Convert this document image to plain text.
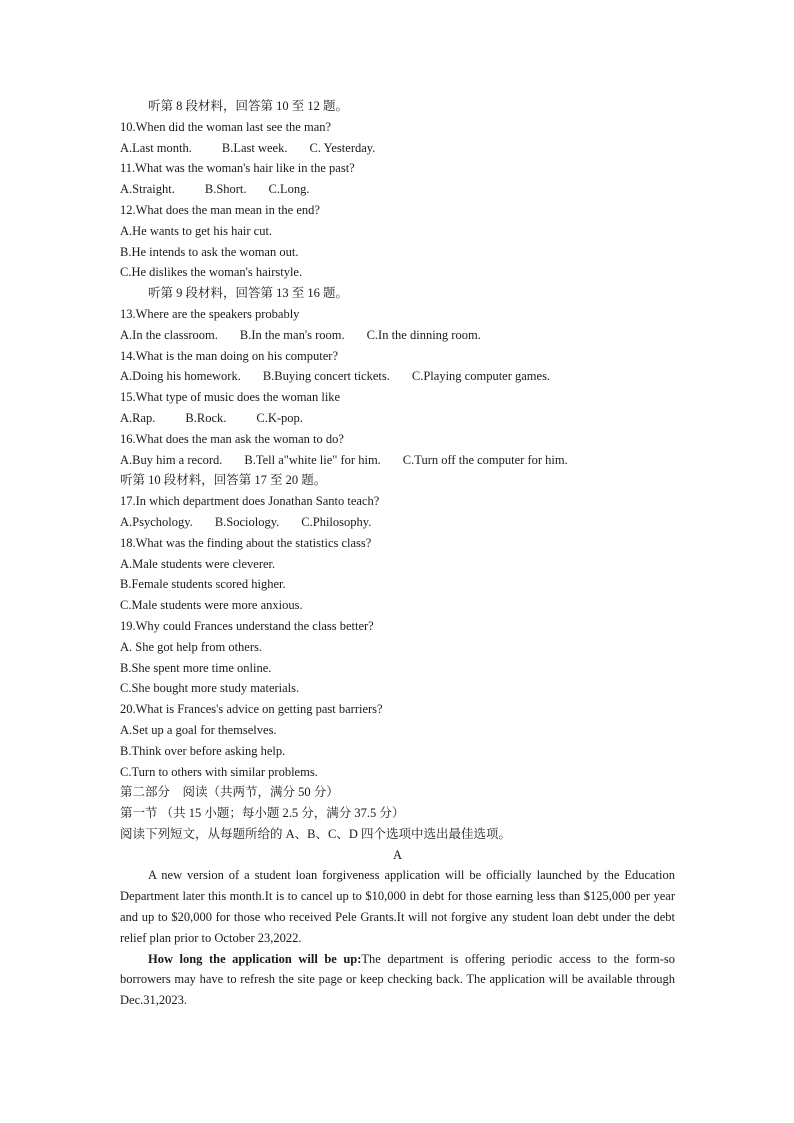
听第 8 段材料，回答第 10 至 12 题。
10.When did the woman last see the man?
A.Last month. B.Last week. C. Yesterday.
11.What was the woman's hair like in the past?
A.Straight. B.Short. C.Long.
12.What does the man mean in the end?
A.He wants to get his hair cut.
B.He intends to ask the woman out.
C.He dislikes the woman's hairstyle.
听第 9 段材料，回答第 13 至 16 题。
13.Where are the speakers probably
A.In the classroom. B.In the man's room. C.In the dinning room.
14.What is the man doing on his computer?
A.Doing his homework. B.Buying concert tickets. C.Playing computer games.
15.What type of music does the woman like
A.Rap. B.Rock. C.K-pop.
16.What does the man ask the woman to do?
A.Buy him a record. B.Tell a"white lie" for him. C.Turn off the computer for him.
听第 10 段材料，回答第 17 至 20 题。
17.In which department does Jonathan Santo teach?
A.Psychology. B.Sociology. C.Philosophy.
18.What was the finding about the statistics class?
A.Male students were cleverer.
B.Female students scored higher.
C.Male students were more anxious.
19.Why could Frances understand the class better?
A. She got help from others.
B.She spent more time online.
C.She bought more study materials.
20.What is Frances's advice on getting past barriers?
A.Set up a goal for themselves.
B.Think over before asking help.
C.Turn to others with similar problems.
第二部分　阅读（共两节，满分 50 分）
第一节 （共 15 小题；每小题 2.5 分，满分 37.5 分）
阅读下列短文，从每题所给的 A、B、C、D 四个选项中选出最佳选项。
A
A new version of a student loan forgiveness application will be officially launched by the Education Department later this month.It is to cancel up to $10,000 in debt for those earning less than $125,000 per year and up to $20,000 for those who received Pele Grants.It will not forgive any student loan debt under the debt relief plan prior to October 23,2022.
How long the application will be up:The department is offering periodic access to the form-so borrowers may have to refresh the site page or keep checking back. The application will be available through Dec.31,2023.
